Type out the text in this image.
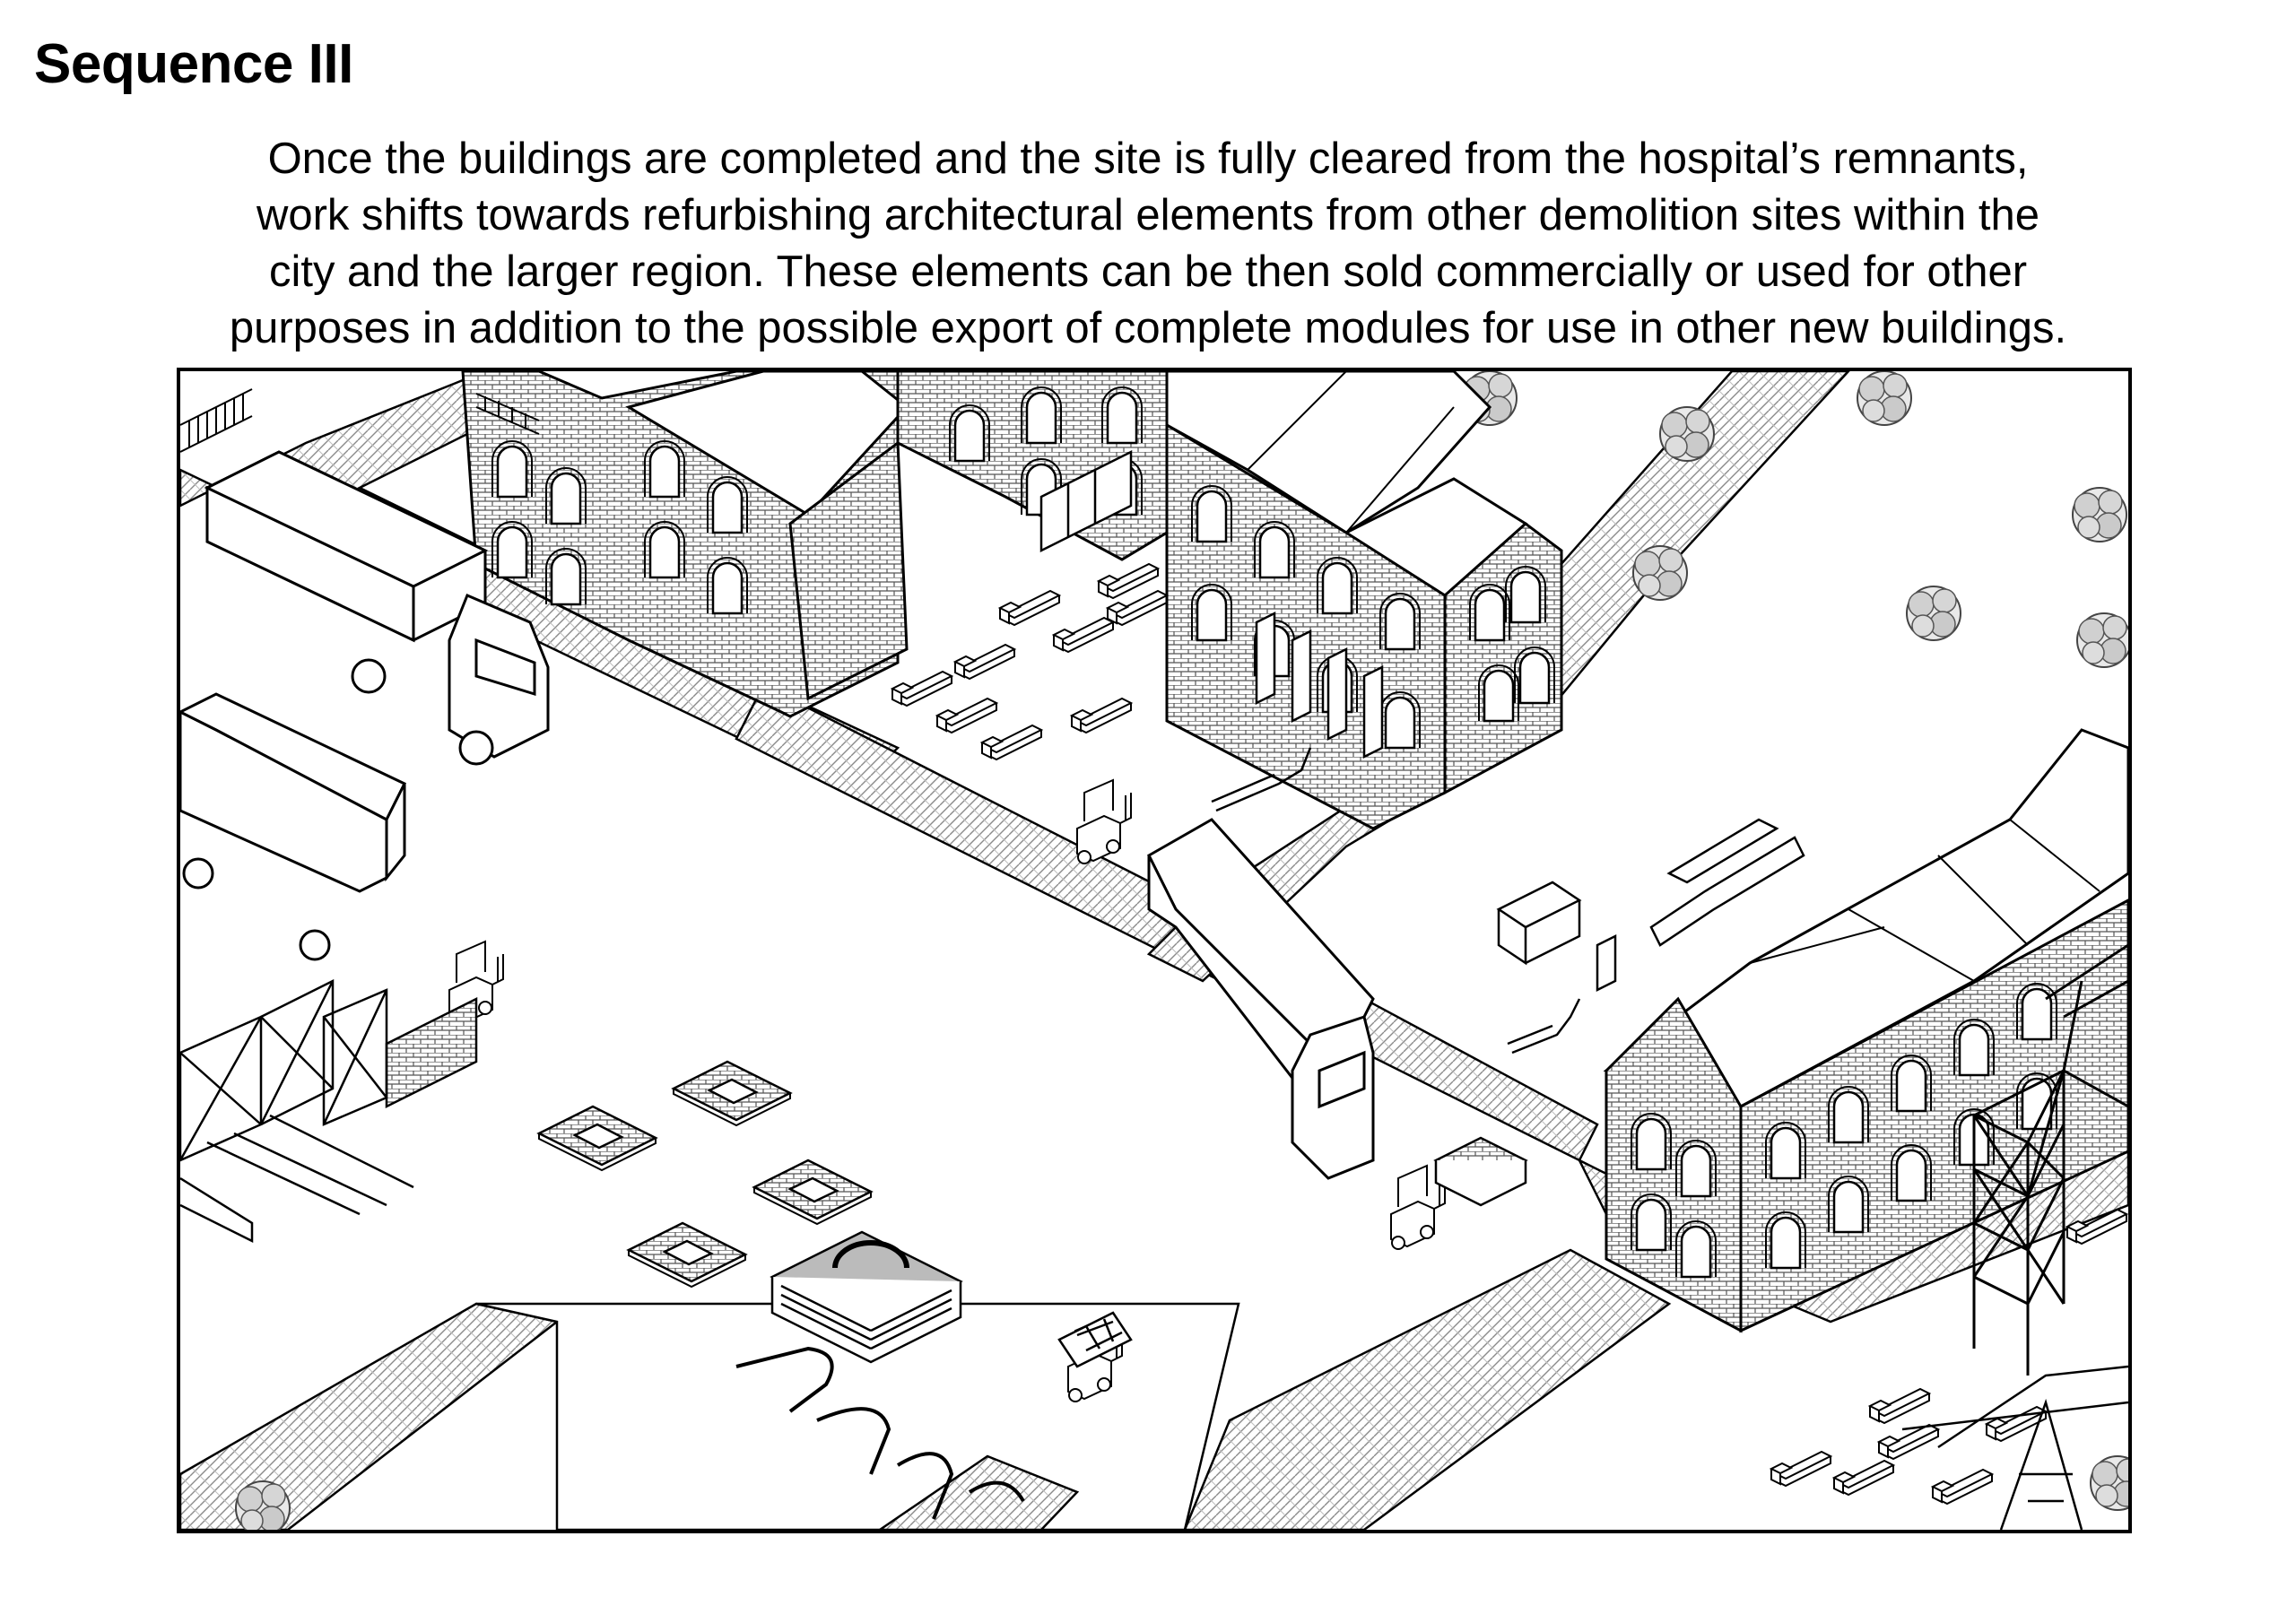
Sequence III
Once the buildings are completed and the site is fully cleared from the hospital’s remnants,
work shifts towards refurbishing architectural elements from other demolition sites within the
city and the larger region. These elements can be then sold commercially or used for other
purposes in addition to the possible export of complete modules for use in other new buildings.
